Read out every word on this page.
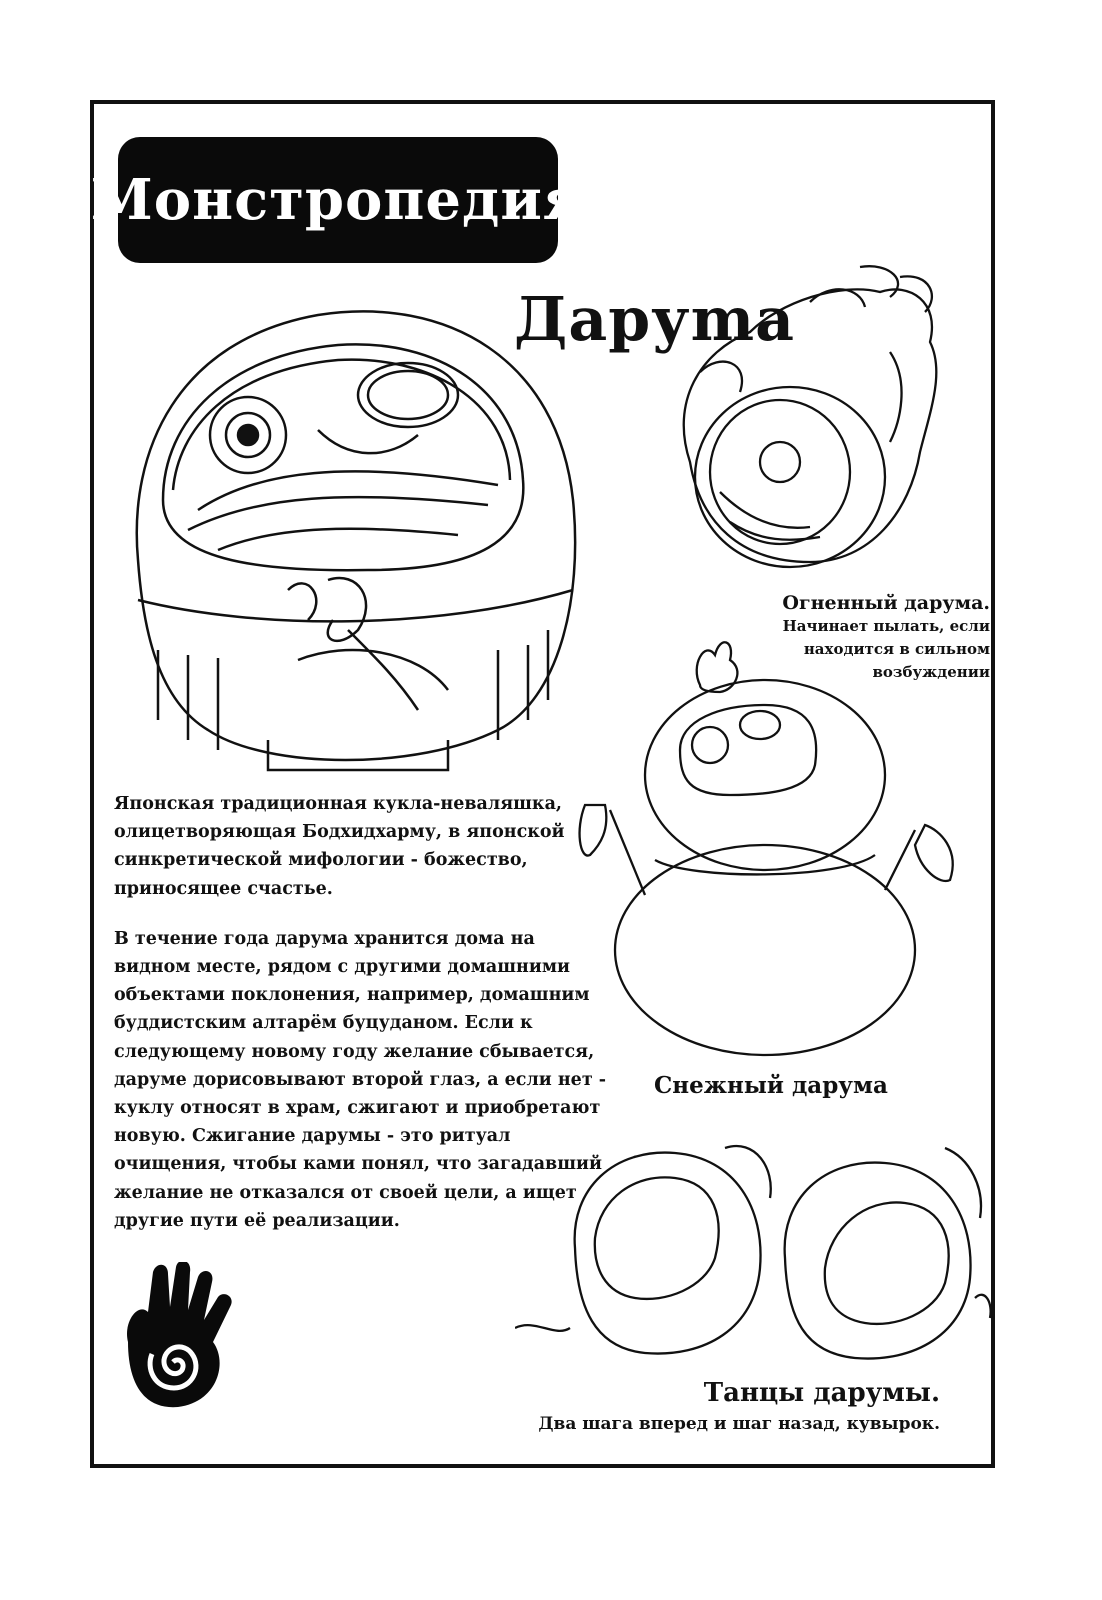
Монстропедия
Даруma
Огненный дарума.
Начинает пылать, если находится в сильном возбуждении
Снежный дарума
Танцы дарумы.
Два шага вперед и шаг назад, кувырок.

Японская традиционная кукла-неваляшка, олицетворяющая Бодхидхарму, в японской синкретической мифологии - божество, приносящее счастье.

В течение года дарума хранится дома на видном месте, рядом с другими домашними объектами поклонения, например, домашним буддистским алтарём буцуданом. Если к следующему новому году желание сбывается, даруме дорисовывают второй глаз, а если нет - куклу относят в храм, сжигают и приобретают новую. Сжигание дарумы - это ритуал очищения, чтобы ками понял, что загадавший желание не отказался от своей цели, а ищет другие пути её реализации.
